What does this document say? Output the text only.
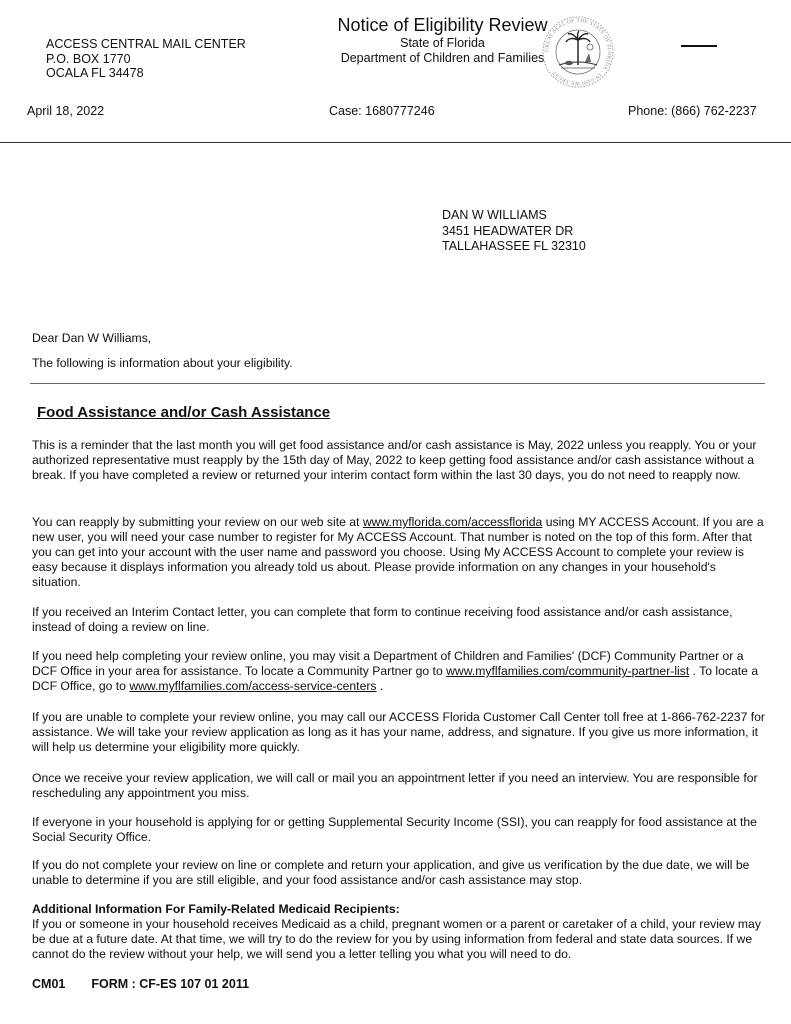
ACCESS CENTRAL MAIL CENTER
P.O. BOX 1770
OCALA FL 34478
Notice of Eligibility Review
State of Florida
Department of Children and Families
GREAT SEAL OF THE STATE OF FLORIDA - IN GOD WE TRUST
April 18, 2022	Case: 1680777246	Phone: (866) 762-2237
DAN W WILLIAMS
3451 HEADWATER DR
TALLAHASSEE FL 32310
Dear Dan W Williams,
The following is information about your eligibility.
Food Assistance and/or Cash Assistance

This is a reminder that the last month you will get food assistance and/or cash assistance is May, 2022 unless you reapply. You or your authorized representative must reapply by the 15th day of May, 2022 to keep getting food assistance and/or cash assistance without a break. If you have completed a review or returned your interim contact form within the last 30 days, you do not need to reapply now.

You can reapply by submitting your review on our web site at www.myflorida.com/accessflorida using MY ACCESS Account. If you are a new user, you will need your case number to register for My ACCESS Account. That number is noted on the top of this form. After that you can get into your account with the user name and password you choose. Using My ACCESS Account to complete your review is easy because it displays information you already told us about. Please provide information on any changes in your household's situation.

If you received an Interim Contact letter, you can complete that form to continue receiving food assistance and/or cash assistance, instead of doing a review on line.

If you need help completing your review online, you may visit a Department of Children and Families' (DCF) Community Partner or a DCF Office in your area for assistance. To locate a Community Partner go to www.myflfamilies.com/community-partner-list . To locate a DCF Office, go to www.myflfamilies.com/access-service-centers .

If you are unable to complete your review online, you may call our ACCESS Florida Customer Call Center toll free at 1-866-762-2237 for assistance. We will take your review application as long as it has your name, address, and signature. If you give us more information, it will help us determine your eligibility more quickly.

Once we receive your review application, we will call or mail you an appointment letter if you need an interview. You are responsible for rescheduling any appointment you miss.

If everyone in your household is applying for or getting Supplemental Security Income (SSI), you can reapply for food assistance at the Social Security Office.

If you do not complete your review on line or complete and return your application, and give us verification by the due date, we will be unable to determine if you are still eligible, and your food assistance and/or cash assistance may stop.

Additional Information For Family-Related Medicaid Recipients:

If you or someone in your household receives Medicaid as a child, pregnant women or a parent or caretaker of a child, your review may be due at a future date. At that time, we will try to do the review for you by using information from federal and state data sources. If we cannot do the review without your help, we will send you a letter telling you what you will need to do.

CM01 FORM : CF-ES 107 01 2011
